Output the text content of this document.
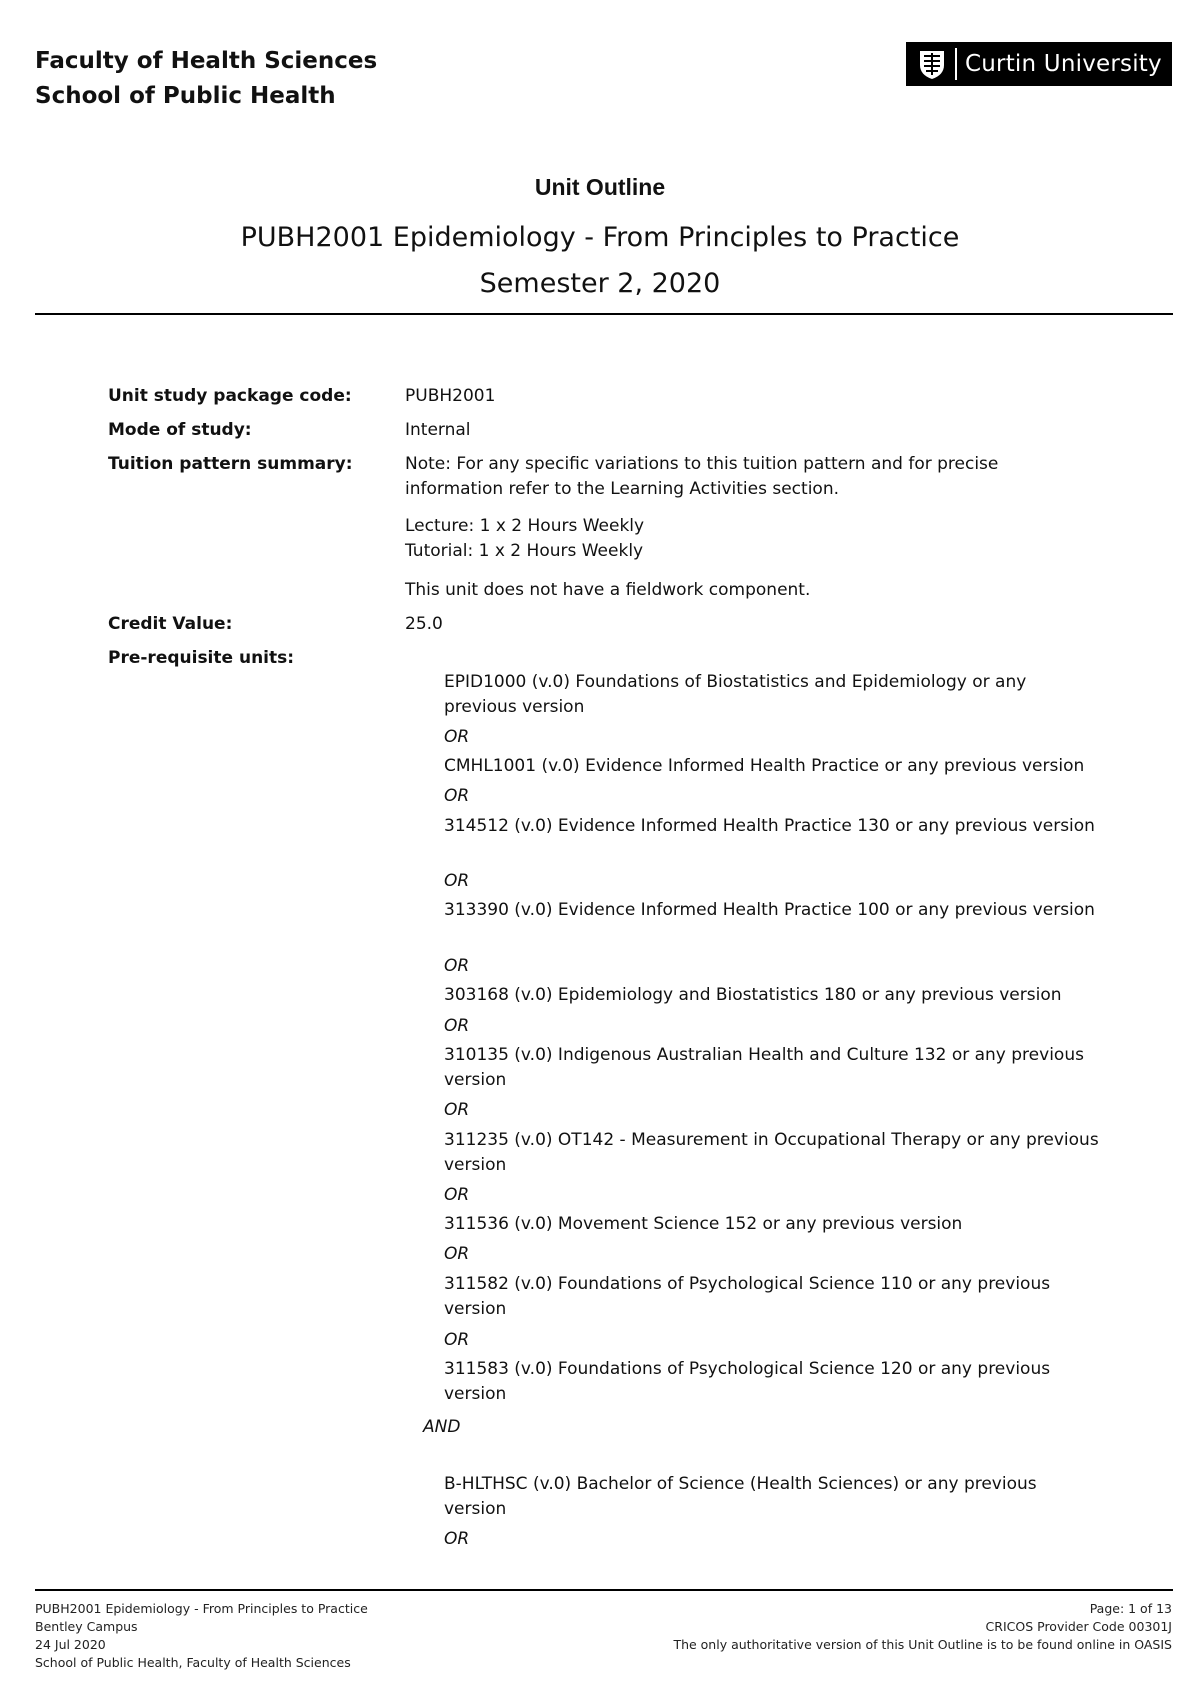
Faculty of Health Sciences
School of Public Health
Curtin University
Unit Outline
PUBH2001 Epidemiology - From Principles to Practice
Semester 2, 2020
Unit study package code:	PUBH2001
Mode of study:	Internal
Tuition pattern summary:	Note: For any specific variations to this tuition pattern and for precise information refer to the Learning Activities section.
Lecture: 1 x 2 Hours Weekly
Tutorial: 1 x 2 Hours Weekly
This unit does not have a fieldwork component.
Credit Value:	25.0
Pre-requisite units:
EPID1000 (v.0) Foundations of Biostatistics and Epidemiology or any previous version
OR
CMHL1001 (v.0) Evidence Informed Health Practice or any previous version
OR
314512 (v.0) Evidence Informed Health Practice 130 or any previous version
OR
313390 (v.0) Evidence Informed Health Practice 100 or any previous version
OR
303168 (v.0) Epidemiology and Biostatistics 180 or any previous version
OR
310135 (v.0) Indigenous Australian Health and Culture 132 or any previous version
OR
311235 (v.0) OT142 - Measurement in Occupational Therapy or any previous version
OR
311536 (v.0) Movement Science 152 or any previous version
OR
311582 (v.0) Foundations of Psychological Science 110 or any previous version
OR
311583 (v.0) Foundations of Psychological Science 120 or any previous version
AND
B-HLTHSC (v.0) Bachelor of Science (Health Sciences) or any previous version
OR
PUBH2001 Epidemiology - From Principles to Practice
Bentley Campus
24 Jul 2020
School of Public Health, Faculty of Health Sciences
Page: 1 of 13
CRICOS Provider Code 00301J
The only authoritative version of this Unit Outline is to be found online in OASIS
